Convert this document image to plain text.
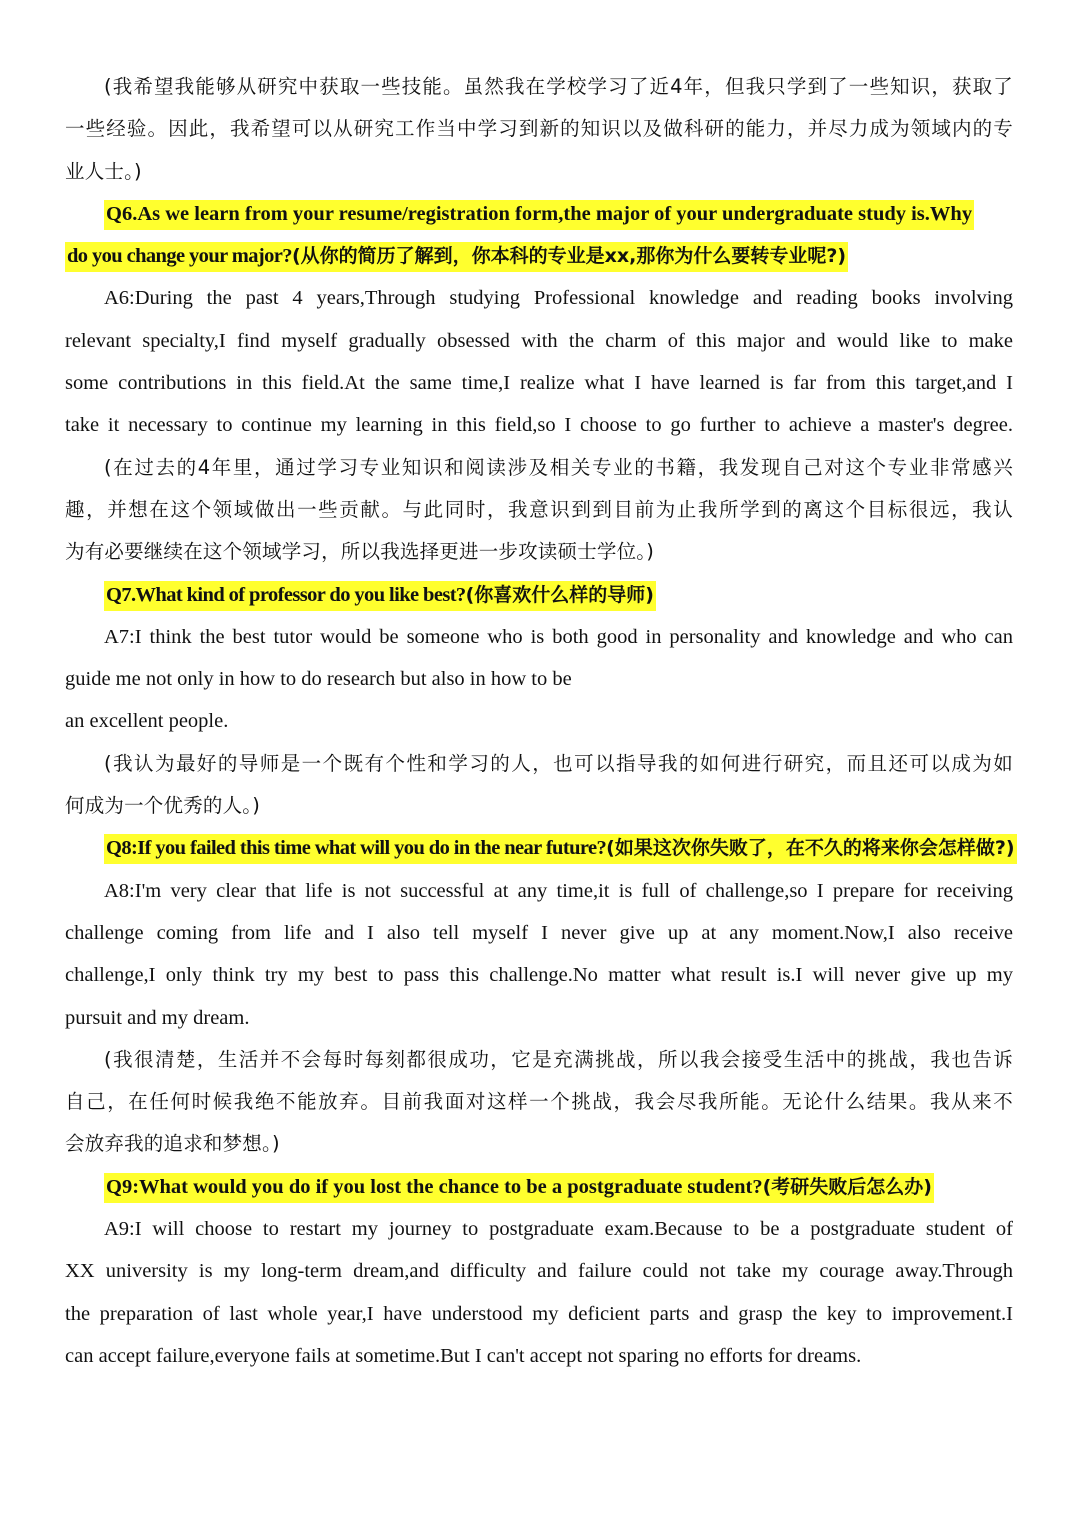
(我希望我能够从研究中获取一些技能。虽然我在学校学习了近4年，但我只学到了一些知识，获取了
一些经验。因此，我希望可以从研究工作当中学习到新的知识以及做科研的能力，并尽力成为领域内的专
业人士。)
Q6.As we learn from your resume/registration form,the major of your undergraduate study is.Why
do you change your major?(从你的简历了解到，你本科的专业是xx,那你为什么要转专业呢?)
A6:During the past 4 years,Through studying Professional knowledge and reading books involving
relevant specialty,I find myself gradually obsessed with the charm of this major and would like to make
some contributions in this field.At the same time,I realize what I have learned is far from this target,and I
take it necessary to continue my learning in this field,so I choose to go further to achieve a master's degree.
(在过去的4年里，通过学习专业知识和阅读涉及相关专业的书籍，我发现自己对这个专业非常感兴
趣，并想在这个领域做出一些贡献。与此同时，我意识到到目前为止我所学到的离这个目标很远，我认
为有必要继续在这个领域学习，所以我选择更进一步攻读硕士学位。)
Q7.What kind of professor do you like best?(你喜欢什么样的导师)
A7:I think the best tutor would be someone who is both good in personality and knowledge and who can
guide me not only in how to do research but also in how to be
an excellent people.
(我认为最好的导师是一个既有个性和学习的人，也可以指导我的如何进行研究，而且还可以成为如
何成为一个优秀的人。)
Q8:If you failed this time what will you do in the near future?(如果这次你失败了，在不久的将来你会怎样做?)
A8:I'm very clear that life is not successful at any time,it is full of challenge,so I prepare for receiving
challenge coming from life and I also tell myself I never give up at any moment.Now,I also receive
challenge,I only think try my best to pass this challenge.No matter what result is.I will never give up my
pursuit and my dream.
(我很清楚，生活并不会每时每刻都很成功，它是充满挑战，所以我会接受生活中的挑战，我也告诉
自己，在任何时候我绝不能放弃。目前我面对这样一个挑战，我会尽我所能。无论什么结果。我从来不
会放弃我的追求和梦想。)
Q9:What would you do if you lost the chance to be a postgraduate student?(考研失败后怎么办)
A9:I will choose to restart my journey to postgraduate exam.Because to be a postgraduate student of
XX university is my long-term dream,and difficulty and failure could not take my courage away.Through
the preparation of last whole year,I have understood my deficient parts and grasp the key to improvement.I
can accept failure,everyone fails at sometime.But I can't accept not sparing no efforts for dreams.
